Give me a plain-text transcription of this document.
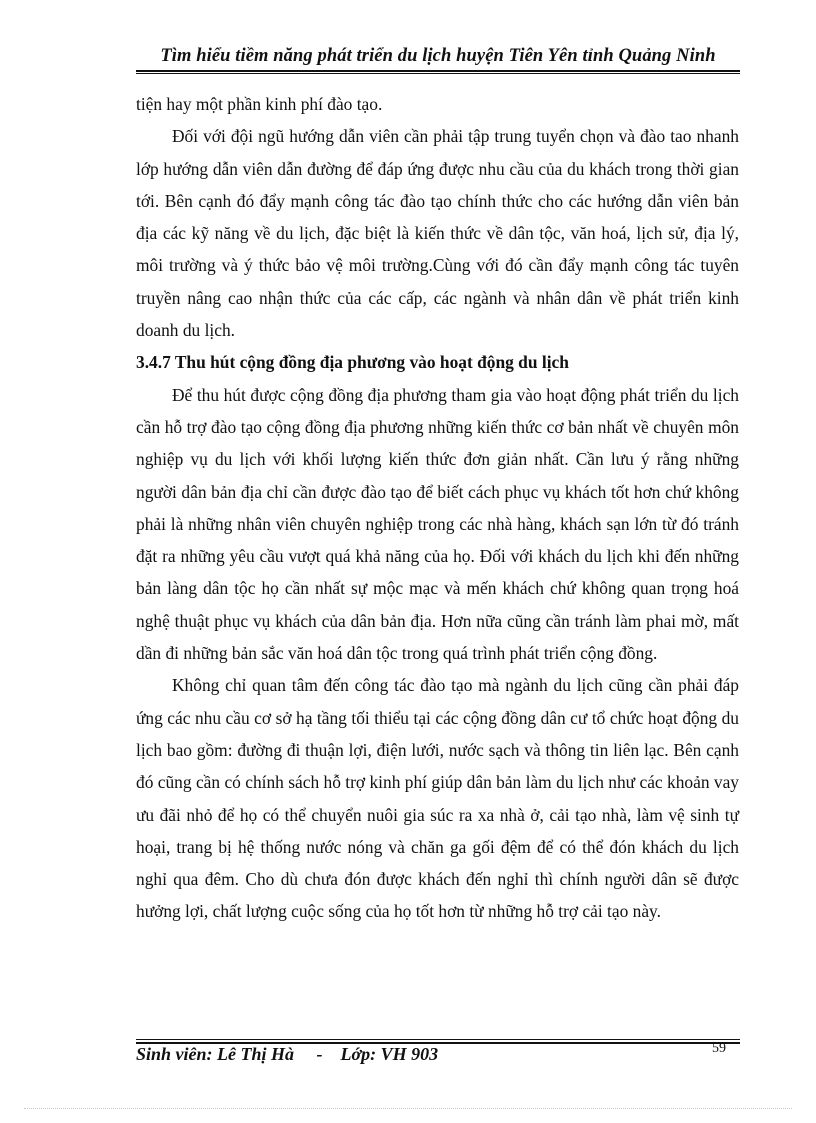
Tìm hiểu tiềm năng phát triển du lịch huyện Tiên Yên tỉnh Quảng Ninh

tiện hay một phần kinh phí đào tạo.

Đối với đội ngũ hướng dẫn viên cần phải tập trung tuyển chọn và đào tao nhanh lớp hướng dẫn viên dẫn đường để đáp ứng được nhu cầu của du khách trong thời gian tới. Bên cạnh đó đẩy mạnh công tác đào tạo chính thức cho các hướng dẫn viên bản địa các kỹ năng về du lịch, đặc biệt là kiến thức về dân tộc, văn hoá, lịch sử, địa lý, môi trường và ý thức bảo vệ môi trường.Cùng với đó cần đẩy mạnh công tác tuyên truyền nâng cao nhận thức của các cấp, các ngành và nhân dân về phát triển kinh doanh du lịch.

3.4.7 Thu hút cộng đồng địa phương vào hoạt động du lịch

Để thu hút được cộng đồng địa phương tham gia vào hoạt động phát triển du lịch cần hỗ trợ đào tạo cộng đồng địa phương những kiến thức cơ bản nhất về chuyên môn nghiệp vụ du lịch với khối lượng kiến thức đơn giản nhất. Cần lưu ý rằng những người dân bản địa chỉ cần được đào tạo để biết cách phục vụ khách tốt hơn chứ không phải là những nhân viên chuyên nghiệp trong các nhà hàng, khách sạn lớn từ đó tránh đặt ra những yêu cầu vượt quá khả năng của họ. Đối với khách du lịch khi đến những bản làng dân tộc họ cần nhất sự mộc mạc và mến khách chứ không quan trọng hoá nghệ thuật phục vụ khách của dân bản địa. Hơn nữa cũng cần tránh làm phai mờ, mất dần đi những bản sắc văn hoá dân tộc trong quá trình phát triển cộng đồng.

Không chỉ quan tâm đến công tác đào tạo mà ngành du lịch cũng cần phải đáp ứng các nhu cầu cơ sở hạ tầng tối thiểu tại các cộng đồng dân cư tổ chức hoạt động du lịch bao gồm: đường đi thuận lợi, điện lưới, nước sạch và thông tin liên lạc. Bên cạnh đó cũng cần có chính sách hỗ trợ kinh phí giúp dân bản làm du lịch như các khoản vay ưu đãi nhỏ để họ có thể chuyển nuôi gia súc ra xa nhà ở, cải tạo nhà, làm vệ sinh tự hoại, trang bị hệ thống nước nóng và chăn ga gối đệm để có thể đón khách du lịch nghỉ qua đêm. Cho dù chưa đón được khách đến nghỉ thì chính người dân sẽ được hưởng lợi, chất lượng cuộc sống của họ tốt hơn từ những hỗ trợ cải tạo này.

Sinh viên: Lê Thị Hà     -    Lớp: VH 903	59
